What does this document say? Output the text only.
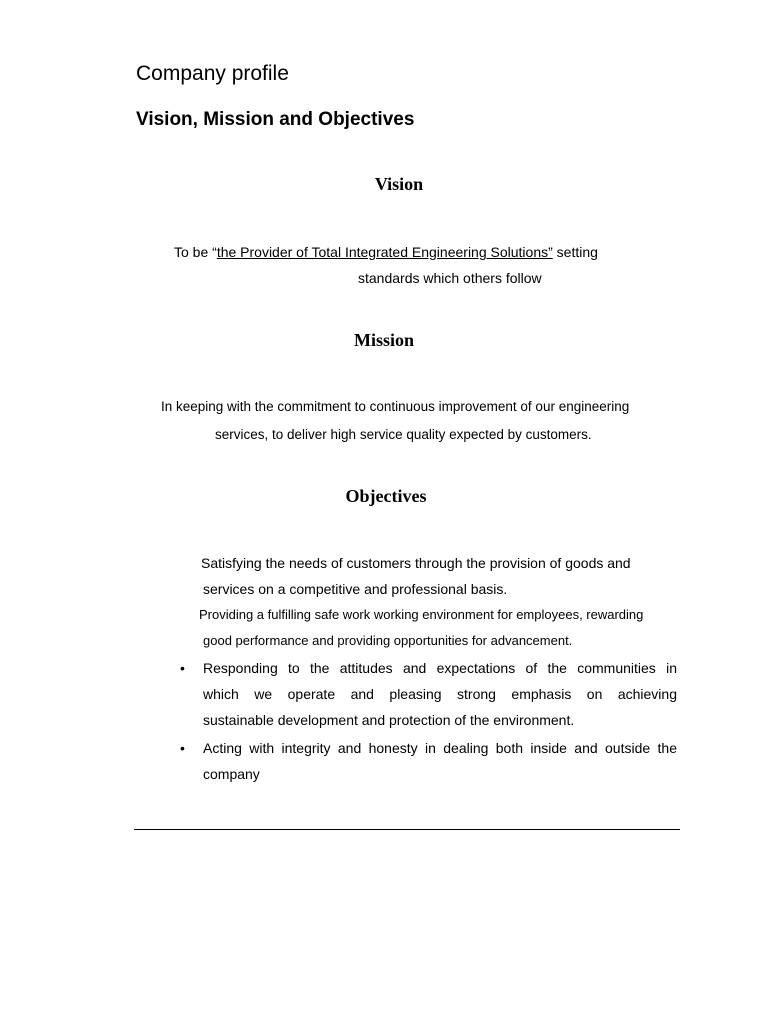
Company profile
Vision, Mission and Objectives
Vision

To be “the Provider of Total Integrated Engineering Solutions” setting

standards which others follow

Mission

In keeping with the commitment to continuous improvement of our engineering

services, to deliver high service quality expected by customers.

Objectives

Satisfying the needs of customers through the provision of goods and

services on a competitive and professional basis.

Providing a fulfilling safe work working environment for employees, rewarding

good performance and providing opportunities for advancement.

• Responding to the attitudes and expectations of the communities in

which we operate and pleasing strong emphasis on achieving

sustainable development and protection of the environment.

• Acting with integrity and honesty in dealing both inside and outside the

company
